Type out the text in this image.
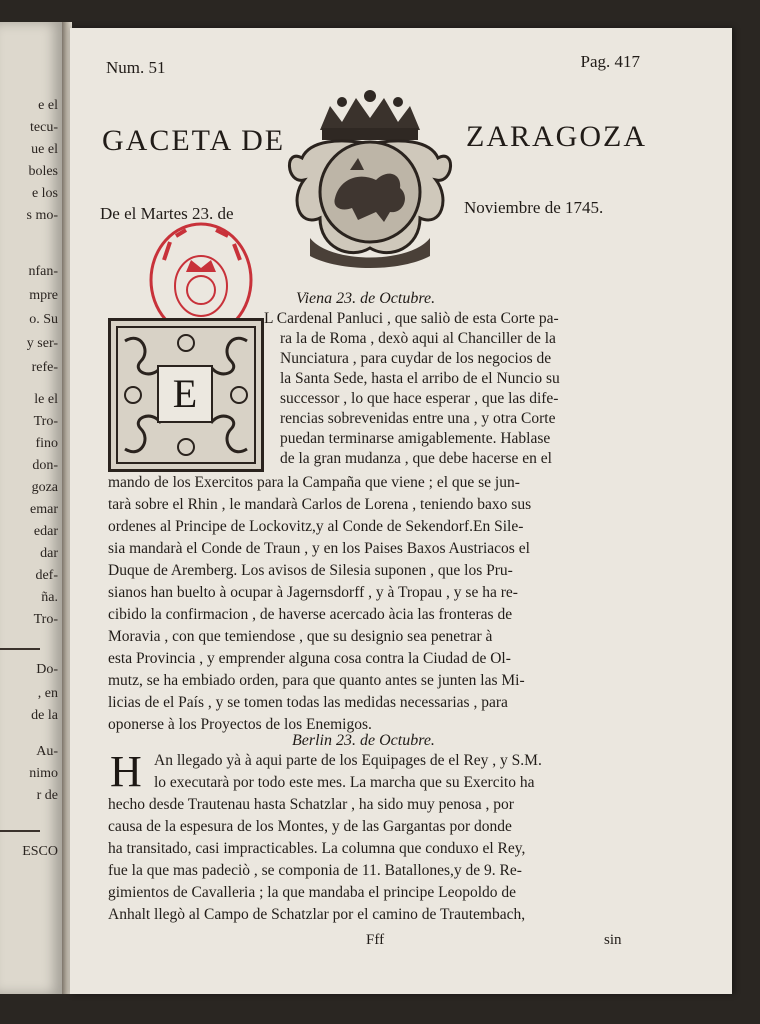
e el
tecu-
ue el
boles
e los
s mo-
nfan-
mpre
o. Su
y ser-
refe-
le el
Tro-
fino
don-
goza
emar
edar
dar
def-
ña.
Tro-
Do-
, en
de la
Au-
nimo
r de
ESCO
Num. 51	Pag. 417
GACETA DE	ZARAGOZA
De el Martes 23. de	Noviembre de 1745.
Viena 23. de Octubre.
E
L Cardenal Panluci , que saliò de esta Corte pa-
ra la de Roma , dexò aqui al Chanciller de la
Nunciatura , para cuydar de los negocios de
la Santa Sede, hasta el arribo de el Nuncio su
successor , lo que hace esperar , que las dife-
rencias sobrevenidas entre una , y otra Corte
puedan terminarse amigablemente. Hablase
de la gran mudanza , que debe hacerse en el
mando de los Exercitos para la Campaña que viene ; el que se jun-
tarà sobre el Rhin , le mandarà Carlos de Lorena , teniendo baxo sus
ordenes al Principe de Lockovitz,y al Conde de Sekendorf.En Sile-
sia mandarà el Conde de Traun , y en los Paises Baxos Austriacos el
Duque de Aremberg. Los avisos de Silesia suponen , que los Pru-
sianos han buelto à ocupar à Jagernsdorff , y à Tropau , y se ha re-
cibido la confirmacion , de haverse acercado àcia las fronteras de
Moravia , con que temiendose , que su designio sea penetrar à
esta Provincia , y emprender alguna cosa contra la Ciudad de Ol-
mutz, se ha embiado orden, para que quanto antes se junten las Mi-
licias de el País , y se tomen todas las medidas necessarias , para
oponerse à los Proyectos de los Enemigos.
Berlin 23. de Octubre.
H An llegado yà à aqui parte de los Equipages de el Rey , y S.M.
lo executarà por todo este mes. La marcha que su Exercito ha
hecho desde Trautenau hasta Schatzlar , ha sido muy penosa , por
causa de la espesura de los Montes, y de las Gargantas por donde
ha transitado, casi impracticables. La columna que conduxo el Rey,
fue la que mas padeciò , se componia de 11. Batallones,y de 9. Re-
gimientos de Cavalleria ; la que mandaba el principe Leopoldo de
Anhalt llegò al Campo de Schatzlar por el camino de Trautembach,
Fff	sin
